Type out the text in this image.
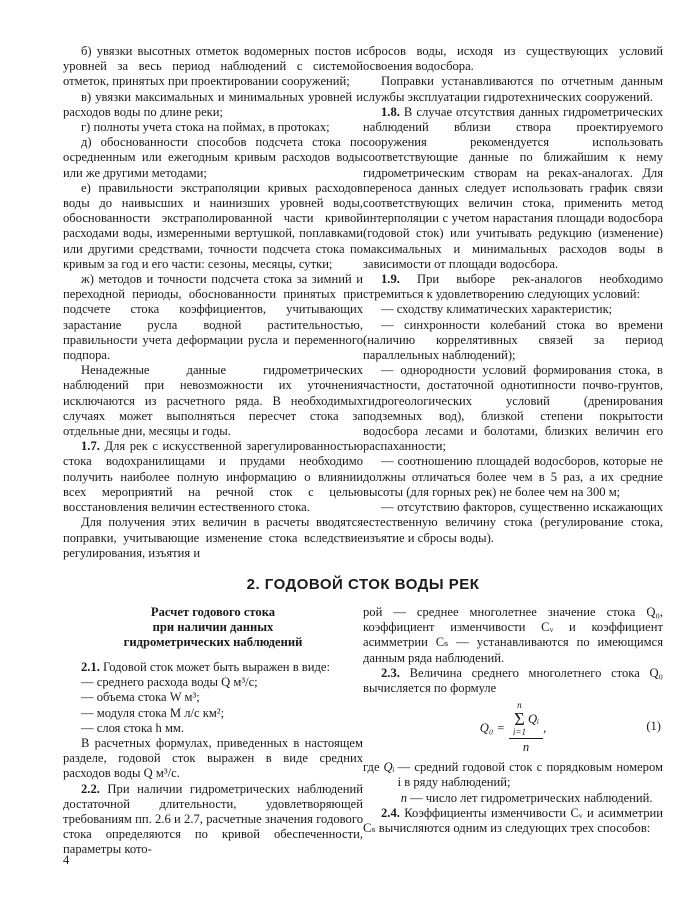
б) увязки высотных отметок водомерных постов и уровней за весь период наблюдений с системой отметок, принятых при проектировании сооружений;

в) увязки максимальных и минимальных уровней и расходов воды по длине реки;

г) полноты учета стока на поймах, в протоках;

д) обоснованности способов подсчета стока по осредненным или ежегодным кривым расходов воды или же другими методами;

е) правильности экстраполяции кривых расходов воды до наивысших и наинизших уровней воды, обоснованности экстраполированной части кривой расходами воды, измеренными вертушкой, поплавками или другими средствами, точности подсчета стока по кривым за год и его части: сезоны, месяцы, сутки;

ж) методов и точности подсчета стока за зимний и переходной периоды, обоснованности принятых при подсчете стока коэффициентов, учитывающих зарастание русла водной растительностью, правильности учета деформации русла и переменного подпора.

Ненадежные данные гидрометрических наблюдений при невозможности их уточнения исключаются из расчетного ряда. В необходимых случаях может выполняться пересчет стока за отдельные дни, месяцы и годы.

1.7. Для рек с искусственной зарегулированностью стока водохранилищами и прудами необходимо получить наиболее полную информацию о влиянии всех мероприятий на речной сток с целью восстановления величин естественного стока.

Для получения этих величин в расчеты вводятся поправки, учитывающие изменение стока вследствие регулирования, изъятия и

сбросов воды, исходя из существующих условий освоения водосбора.

Поправки устанавливаются по отчетным данным службы эксплуатации гидротехнических сооружений.

1.8. В случае отсутствия данных гидрометрических наблюдений вблизи створа проектируемого сооружения рекомендуется использовать соответствующие данные по ближайшим к нему гидрометрическим створам на реках-аналогах. Для переноса данных следует использовать график связи соответствующих величин стока, применить метод интерполяции с учетом нарастания площади водосбора (годовой сток) или учитывать редукцию (изменение) максимальных и минимальных расходов воды в зависимости от площади водосбора.

1.9. При выборе рек-аналогов необходимо стремиться к удовлетворению следующих условий:

— сходству климатических характеристик;

— синхронности колебаний стока во времени (наличию коррелятивных связей за период параллельных наблюдений);

— однородности условий формирования стока, в частности, достаточной однотипности почво-грунтов, гидрогеологических условий (дренирования подземных вод), близкой степени покрытости водосбора лесами и болотами, близких величин его распаханности;

— соотношению площадей водосборов, которые не должны отличаться более чем в 5 раз, а их средние высоты (для горных рек) не более чем на 300 м;

— отсутствию факторов, существенно искажающих естественную величину стока (регулирование стока, изъятие и сбросы воды).

2. ГОДОВОЙ СТОК ВОДЫ РЕК

Расчет годового стока
при наличии данных
гидрометрических наблюдений

2.1. Годовой сток может быть выражен в виде:

— среднего расхода воды Q м³/с;

— объема стока W м³;

— модуля стока M л/с км²;

— слоя стока h мм.

В расчетных формулах, приведенных в настоящем разделе, годовой сток выражен в виде средних расходов воды Q м³/с.

2.2. При наличии гидрометрических наблюдений достаточной длительности, удовлетворяющей требованиям пп. 2.6 и 2.7, расчетные значения годового стока определяются по кривой обеспеченности, параметры кото-

рой — среднее многолетнее значение стока Q₀, коэффициент изменчивости Cᵥ и коэффициент асимметрии Cₛ — устанавливаются по имеющимся данным ряда наблюдений.

2.3. Величина среднего многолетнего стока Q₀ вычисляется по формуле

Q₀ = n
Σ
i=1
Qᵢ
n ,	(1)
где Qᵢ — средний годовой сток с порядковым номером i в ряду наблюдений;
n — число лет гидрометрических наблюдений.

2.4. Коэффициенты изменчивости Cᵥ и асимметрии Cₛ вычисляются одним из следующих трех способов:

4
